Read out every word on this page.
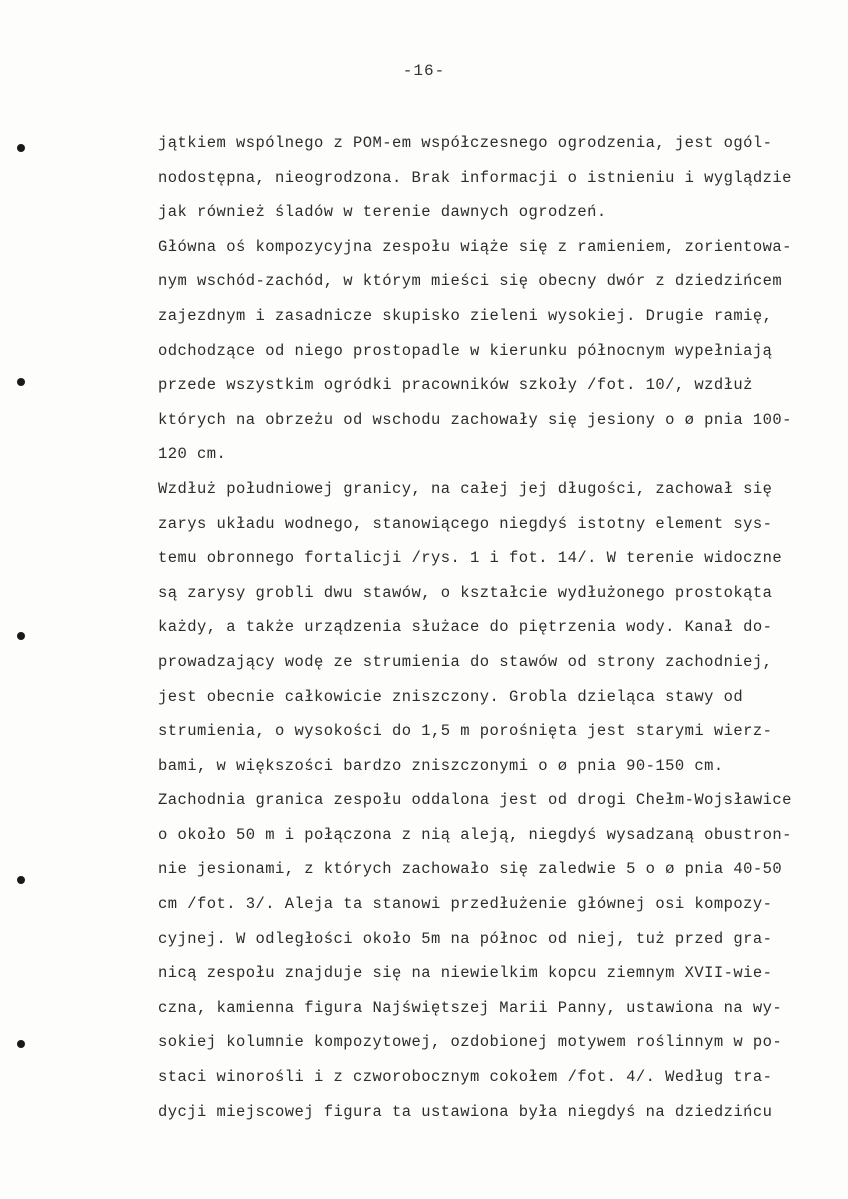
-16-
jątkiem wspólnego z POM-em współczesnego ogrodzenia, jest ogól-
nodostępna, nieogrodzona. Brak informacji o istnieniu i wyglądzie
jak również śladów w terenie dawnych ogrodzeń.
Główna oś kompozycyjna zespołu wiąże się z ramieniem, zorientowa-
nym wschód-zachód, w którym mieści się obecny dwór z dziedzińcem
zajezdnym i zasadnicze skupisko zieleni wysokiej. Drugie ramię,
odchodzące od niego prostopadle w kierunku północnym wypełniają
przede wszystkim ogródki pracowników szkoły /fot. 10/, wzdłuż
których na obrzeżu od wschodu zachowały się jesiony o ø pnia 100-
120 cm.
Wzdłuż południowej granicy, na całej jej długości, zachował się
zarys układu wodnego, stanowiącego niegdyś istotny element sys-
temu obronnego fortalicji /rys. 1 i fot. 14/. W terenie widoczne
są zarysy grobli dwu stawów, o kształcie wydłużonego prostokąta
każdy, a także urządzenia służace do piętrzenia wody. Kanał do-
prowadzający wodę ze strumienia do stawów od strony zachodniej,
jest obecnie całkowicie zniszczony. Grobla dzieląca stawy od
strumienia, o wysokości do 1,5 m porośnięta jest starymi wierz-
bami, w większości bardzo zniszczonymi o ø pnia 90-150 cm.
Zachodnia granica zespołu oddalona jest od drogi Chełm-Wojsławice
o około 50 m i połączona z nią aleją, niegdyś wysadzaną obustron-
nie jesionami, z których zachowało się zaledwie 5 o ø pnia 40-50
cm /fot. 3/. Aleja ta stanowi przedłużenie głównej osi kompozy-
cyjnej. W odległości około 5m na północ od niej, tuż przed gra-
nicą zespołu znajduje się na niewielkim kopcu ziemnym XVII-wie-
czna, kamienna figura Najświętszej Marii Panny, ustawiona na wy-
sokiej kolumnie kompozytowej, ozdobionej motywem roślinnym w po-
staci winorośli i z czworobocznym cokołem /fot. 4/. Według tra-
dycji miejscowej figura ta ustawiona była niegdyś na dziedzińcu
